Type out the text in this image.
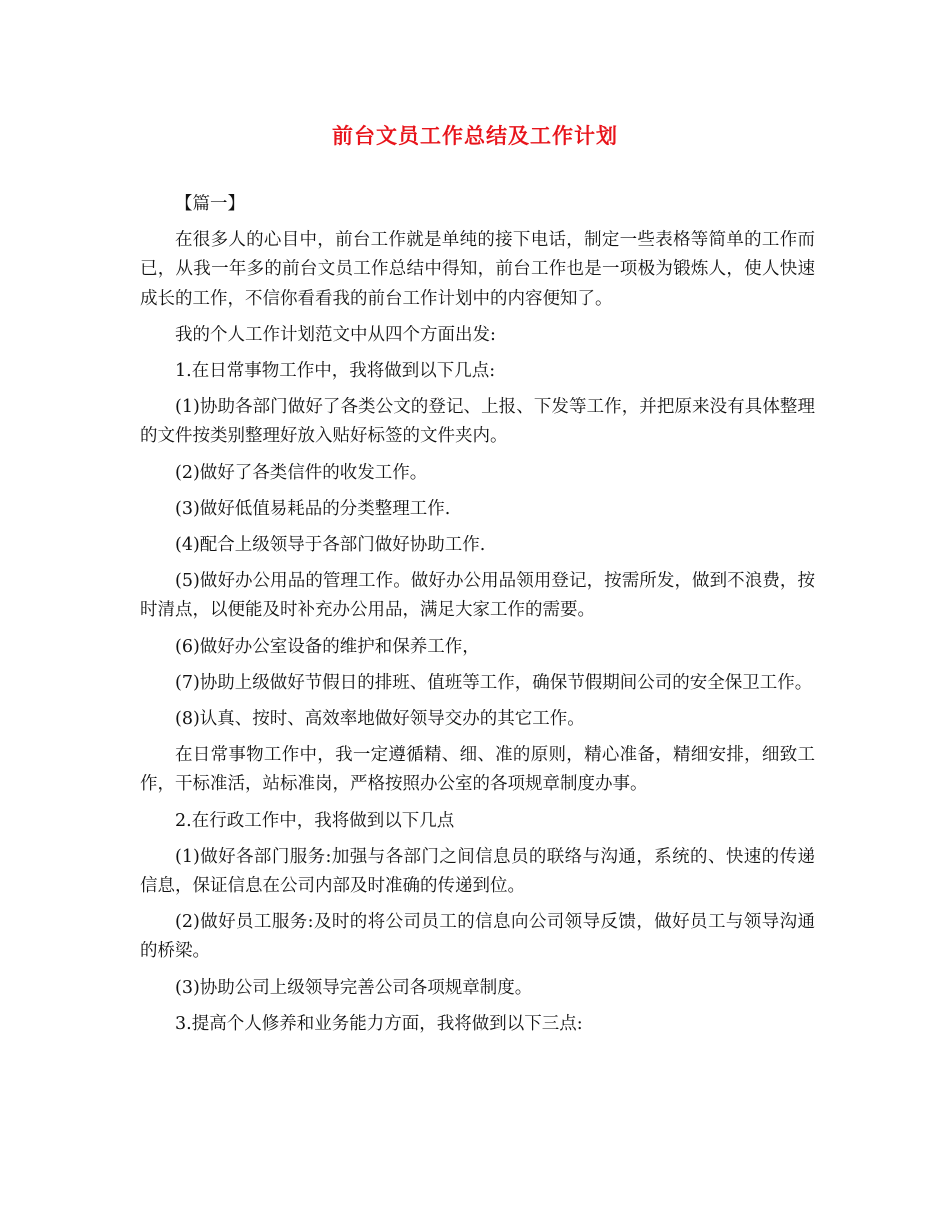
前台文员工作总结及工作计划

【篇一】

在很多人的心目中，前台工作就是单纯的接下电话，制定一些表格等简单的工作而已，从我一年多的前台文员工作总结中得知，前台工作也是一项极为锻炼人，使人快速成长的工作，不信你看看我的前台工作计划中的内容便知了。

我的个人工作计划范文中从四个方面出发:

1.在日常事物工作中，我将做到以下几点:

(1)协助各部门做好了各类公文的登记、上报、下发等工作，并把原来没有具体整理的文件按类别整理好放入贴好标签的文件夹内。

(2)做好了各类信件的收发工作。

(3)做好低值易耗品的分类整理工作.

(4)配合上级领导于各部门做好协助工作.

(5)做好办公用品的管理工作。做好办公用品领用登记，按需所发，做到不浪费，按时清点，以便能及时补充办公用品，满足大家工作的需要。

(6)做好办公室设备的维护和保养工作，

(7)协助上级做好节假日的排班、值班等工作，确保节假期间公司的安全保卫工作。

(8)认真、按时、高效率地做好领导交办的其它工作。

在日常事物工作中，我一定遵循精、细、准的原则，精心准备，精细安排，细致工作，干标准活，站标准岗，严格按照办公室的各项规章制度办事。

2.在行政工作中，我将做到以下几点

(1)做好各部门服务:加强与各部门之间信息员的联络与沟通，系统的、快速的传递信息，保证信息在公司内部及时准确的传递到位。

(2)做好员工服务:及时的将公司员工的信息向公司领导反馈，做好员工与领导沟通的桥梁。

(3)协助公司上级领导完善公司各项规章制度。

3.提高个人修养和业务能力方面，我将做到以下三点:
